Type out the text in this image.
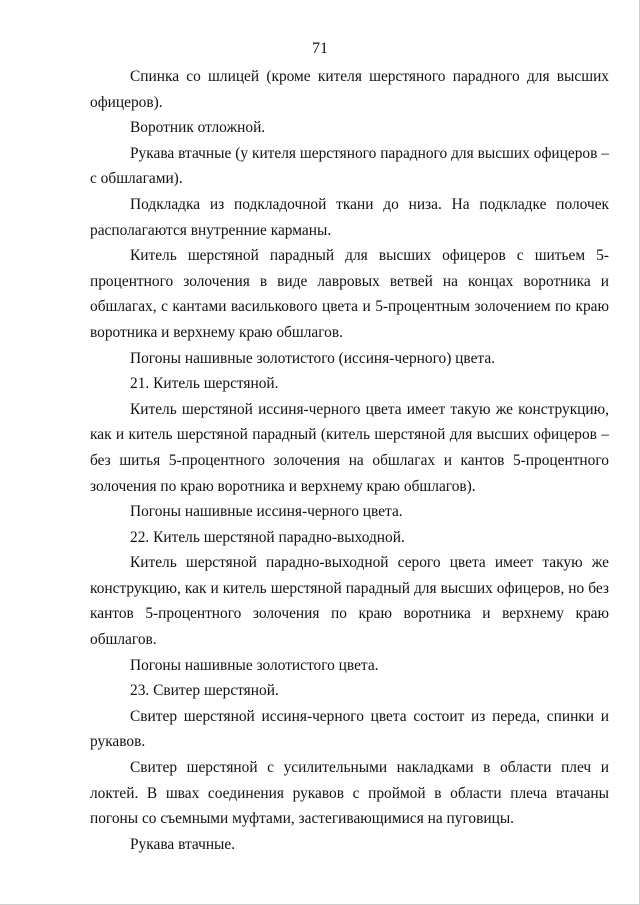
71

Спинка со шлицей (кроме кителя шерстяного парадного для высших офицеров).

Воротник отложной.

Рукава втачные (у кителя шерстяного парадного для высших офицеров – с обшлагами).

Подкладка из подкладочной ткани до низа. На подкладке полочек располагаются внутренние карманы.

Китель шерстяной парадный для высших офицеров с шитьем 5-процентного золочения в виде лавровых ветвей на концах воротника и обшлагах, с кантами василькового цвета и 5-процентным золочением по краю воротника и верхнему краю обшлагов.

Погоны нашивные золотистого (иссиня-черного) цвета.

21. Китель шерстяной.

Китель шерстяной иссиня-черного цвета имеет такую же конструкцию, как и китель шерстяной парадный (китель шерстяной для высших офицеров – без шитья 5-процентного золочения на обшлагах и кантов 5-процентного золочения по краю воротника и верхнему краю обшлагов).

Погоны нашивные иссиня-черного цвета.

22. Китель шерстяной парадно-выходной.

Китель шерстяной парадно-выходной серого цвета имеет такую же конструкцию, как и китель шерстяной парадный для высших офицеров, но без кантов 5-процентного золочения по краю воротника и верхнему краю обшлагов.

Погоны нашивные золотистого цвета.

23. Свитер шерстяной.

Свитер шерстяной иссиня-черного цвета состоит из переда, спинки и рукавов.

Свитер шерстяной с усилительными накладками в области плеч и локтей. В швах соединения рукавов с проймой в области плеча втачаны погоны со съемными муфтами, застегивающимися на пуговицы.

Рукава втачные.
